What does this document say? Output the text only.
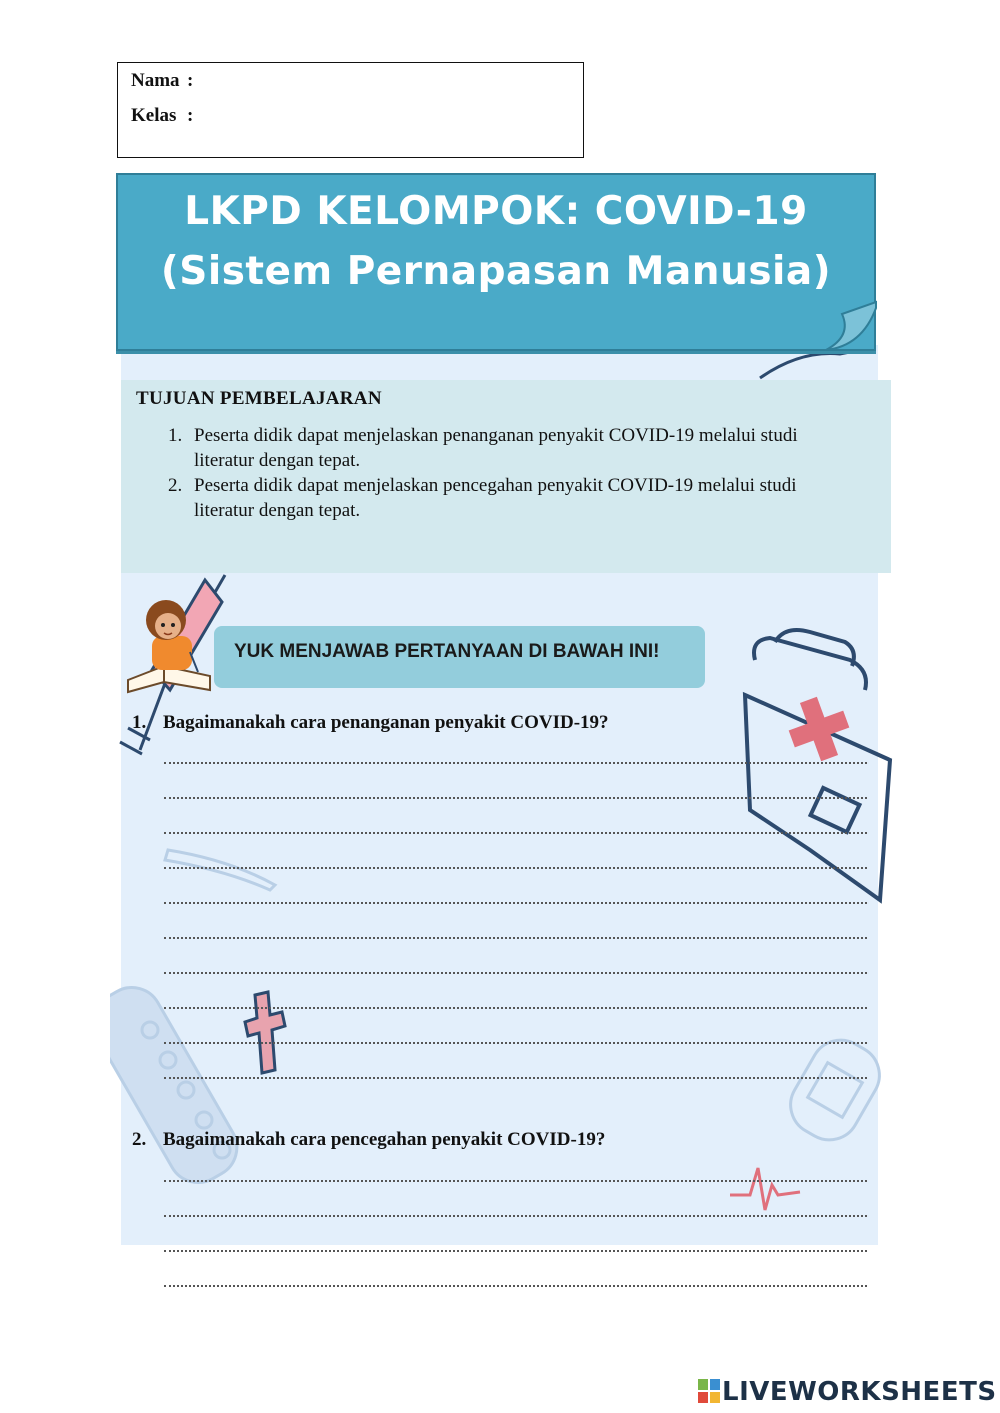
Nama :
Kelas :
LKPD KELOMPOK: COVID-19
(Sistem Pernapasan Manusia)
TUJUAN PEMBELAJARAN
1. Peserta didik dapat menjelaskan penanganan penyakit COVID-19 melalui studi literatur dengan tepat.
2. Peserta didik dapat menjelaskan pencegahan penyakit COVID-19 melalui studi literatur dengan tepat.
YUK MENJAWAB PERTANYAAN DI BAWAH INI!
1. Bagaimanakah cara penanganan penyakit COVID-19?
2. Bagaimanakah cara pencegahan penyakit COVID-19?
LIVEWORKSHEETS
